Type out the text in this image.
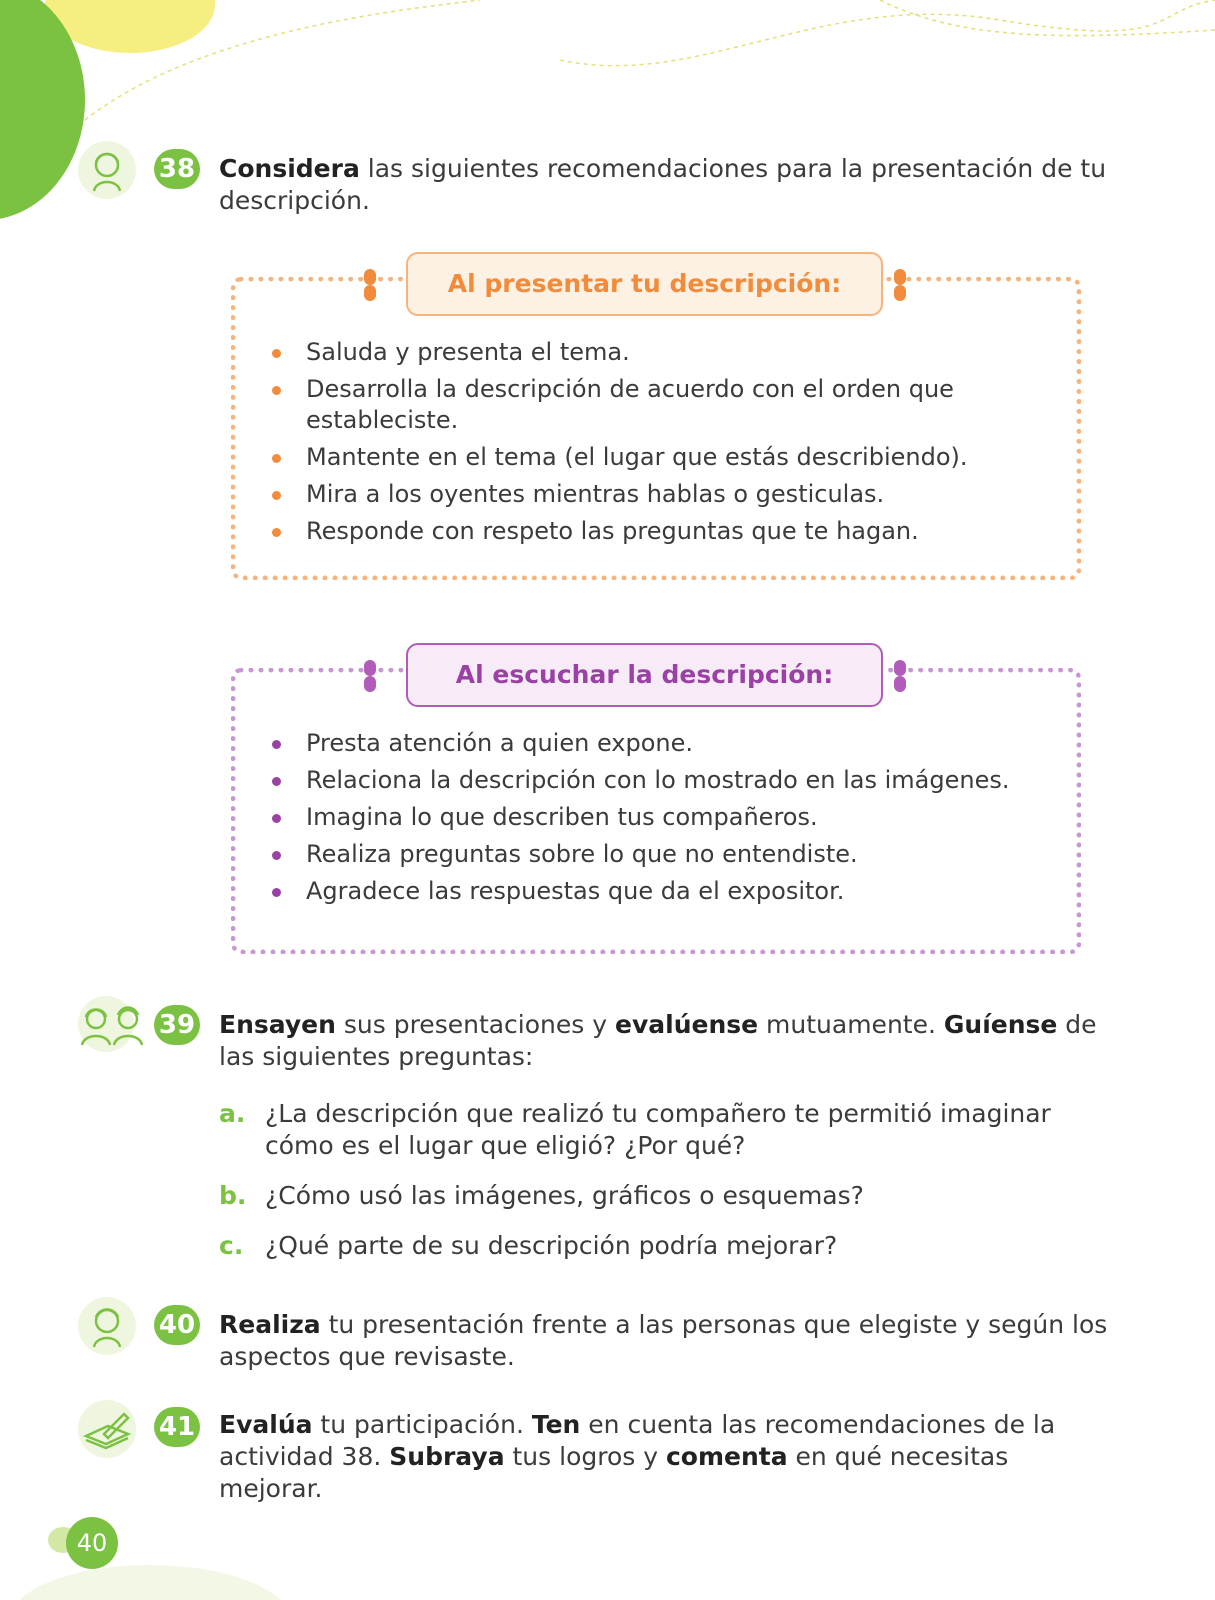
38 Considera las siguientes recomendaciones para la presentación de tu descripción.
Al presentar tu descripción:
Saluda y presenta el tema.
Desarrolla la descripción de acuerdo con el orden que estableciste.
Mantente en el tema (el lugar que estás describiendo).
Mira a los oyentes mientras hablas o gesticulas.
Responde con respeto las preguntas que te hagan.
Al escuchar la descripción:
Presta atención a quien expone.
Relaciona la descripción con lo mostrado en las imágenes.
Imagina lo que describen tus compañeros.
Realiza preguntas sobre lo que no entendiste.
Agradece las respuestas que da el expositor.
39 Ensayen sus presentaciones y evalúense mutuamente. Guíense de las siguientes preguntas:
a. ¿La descripción que realizó tu compañero te permitió imaginar cómo es el lugar que eligió? ¿Por qué?
b. ¿Cómo usó las imágenes, gráficos o esquemas?
c. ¿Qué parte de su descripción podría mejorar?
40 Realiza tu presentación frente a las personas que elegiste y según los aspectos que revisaste.
41 Evalúa tu participación. Ten en cuenta las recomendaciones de la actividad 38. Subraya tus logros y comenta en qué necesitas mejorar.
40
